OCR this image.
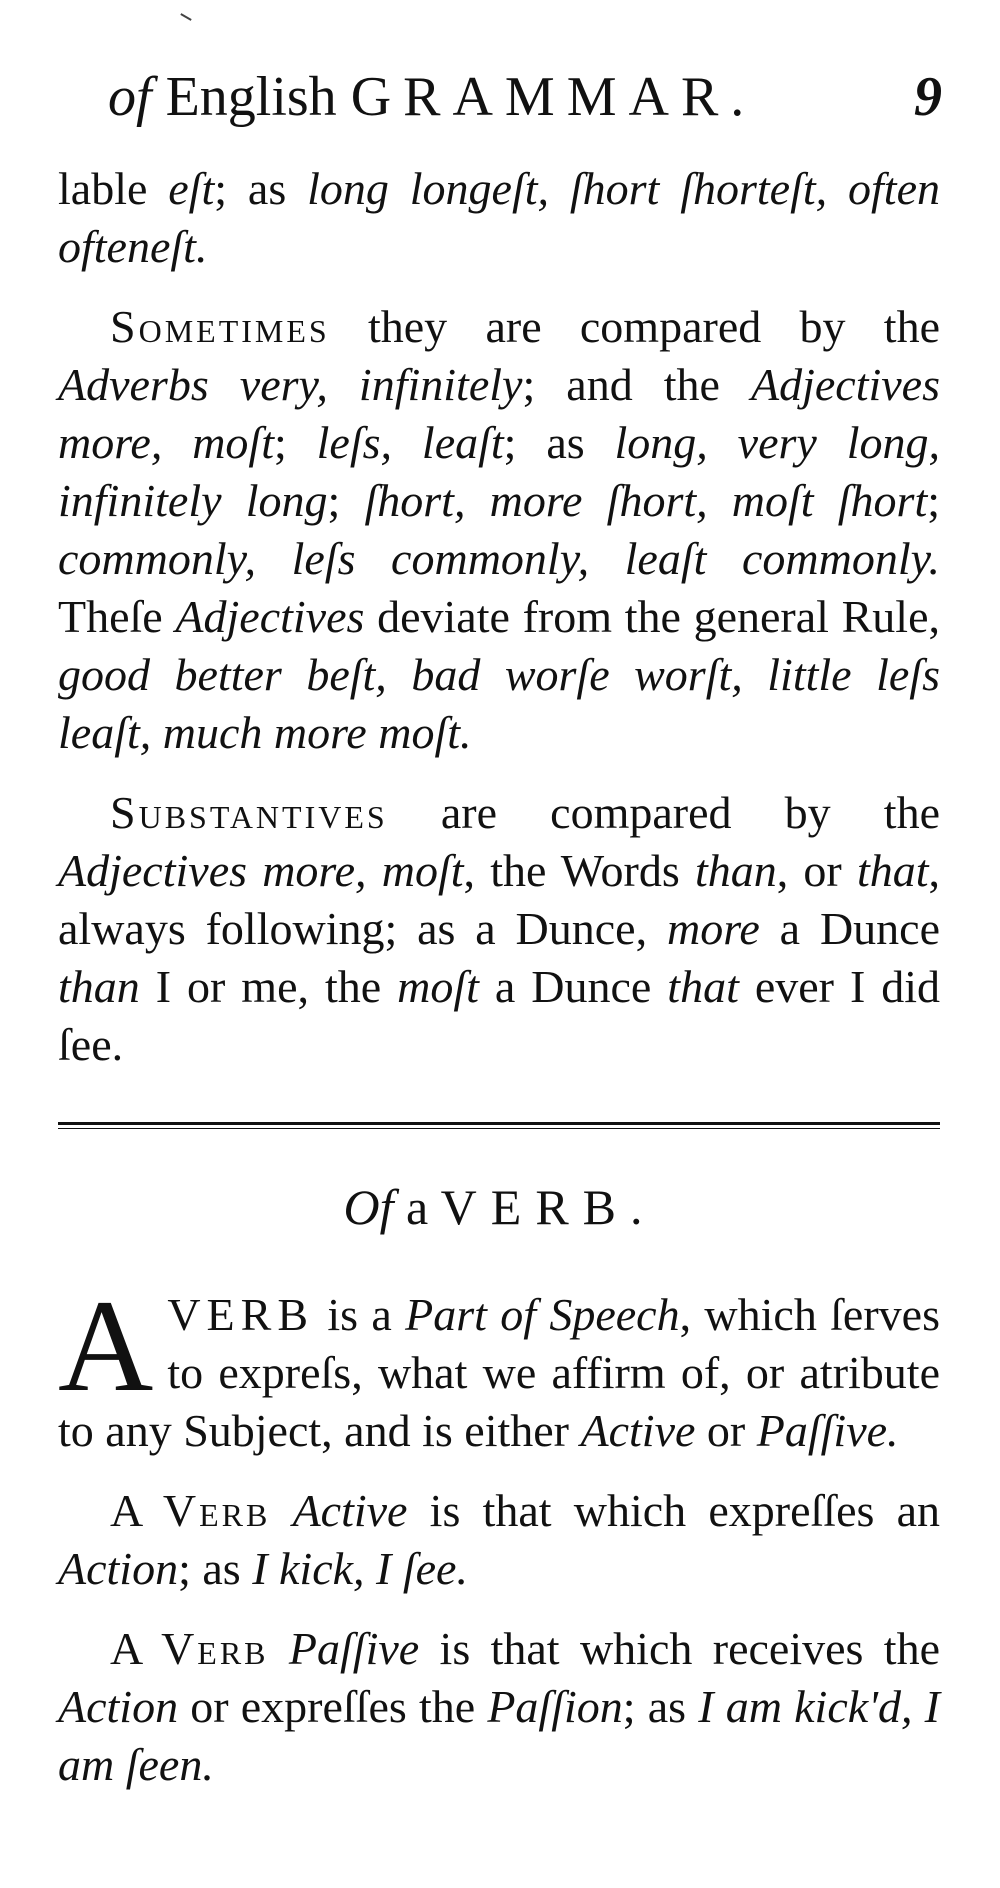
of English GRAMMAR.	9

lable eſt; as long longeſt, ſhort ſhorteſt, often ofteneſt.

Sometimes they are compared by the Adverbs very, infinitely; and the Adjectives more, moſt; leſs, leaſt; as long, very long, infinitely long; ſhort, more ſhort, moſt ſhort; commonly, leſs commonly, leaſt commonly. Theſe Adjectives deviate from the general Rule, good better beſt, bad worſe worſt, little leſs leaſt, much more moſt.

Substantives are compared by the Adjectives more, moſt, the Words than, or that, always following; as a Dunce, more a Dunce than I or me, the moſt a Dunce that ever I did ſee.

Of a VERB.

A VERB is a Part of Speech, which ſerves to expreſs, what we affirm of, or atribute to any Subject, and is either Active or Paſſive.

A Verb Active is that which expreſſes an Action; as I kick, I ſee.

A Verb Paſſive is that which receives the Action or expreſſes the Paſſion; as I am kick'd, I am ſeen.
